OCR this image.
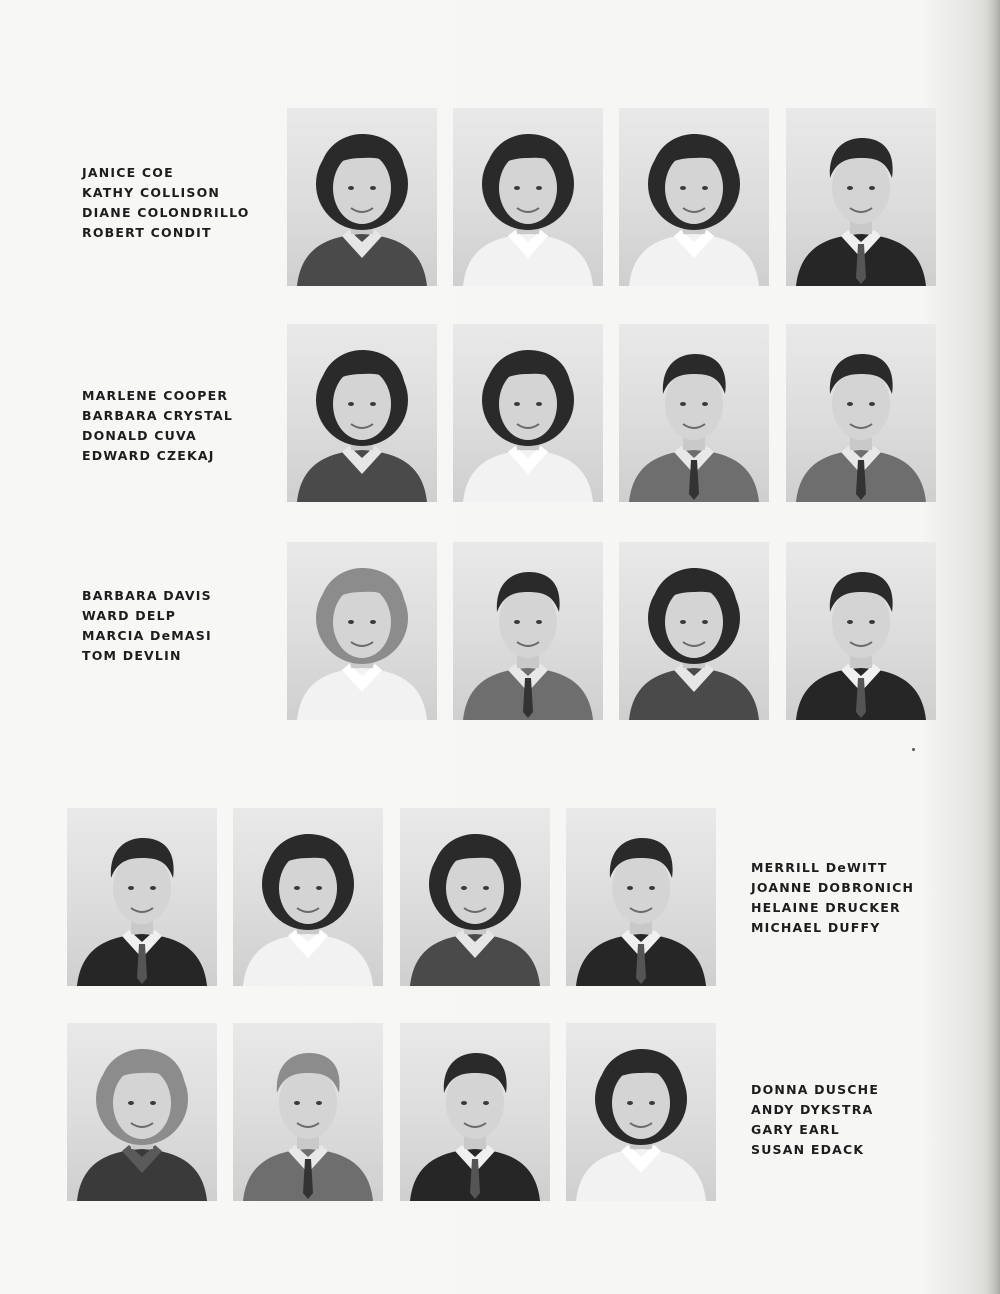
JANICE COE
KATHY COLLISON
DIANE COLONDRILLO
ROBERT CONDIT
MARLENE COOPER
BARBARA CRYSTAL
DONALD CUVA
EDWARD CZEKAJ
BARBARA DAVIS
WARD DELP
MARCIA DeMASI
TOM DEVLIN
MERRILL DeWITT
JOANNE DOBRONICH
HELAINE DRUCKER
MICHAEL DUFFY
DONNA DUSCHE
ANDY DYKSTRA
GARY EARL
SUSAN EDACK
